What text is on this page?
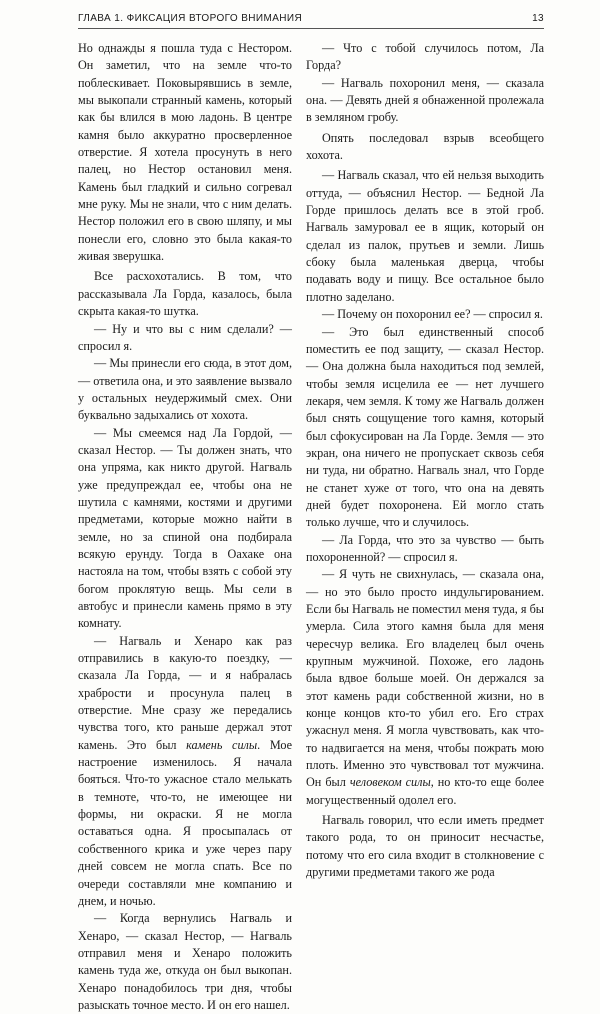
ГЛАВА 1. ФИКСАЦИЯ ВТОРОГО ВНИМАНИЯ	13

Но однажды я пошла туда с Нестором. Он заметил, что на земле что-то поблескивает. Поковырявшись в земле, мы выкопали странный камень, который как бы влился в мою ладонь. В центре камня было аккуратно просверленное отверстие. Я хотела просунуть в него палец, но Нестор остановил меня. Камень был гладкий и сильно согревал мне руку. Мы не знали, что с ним делать. Нестор положил его в свою шляпу, и мы понесли его, словно это была какая-то живая зверушка.

Все расхохотались. В том, что рассказывала Ла Горда, казалось, была скрыта какая-то шутка.

— Ну и что вы с ним сделали? — спросил я.

— Мы принесли его сюда, в этот дом, — ответила она, и это заявление вызвало у остальных неудержимый смех. Они буквально задыхались от хохота.

— Мы смеемся над Ла Гордой, — сказал Нестор. — Ты должен знать, что она упряма, как никто другой. Нагваль уже предупреждал ее, чтобы она не шутила с камнями, костями и другими предметами, которые можно найти в земле, но за спиной она подбирала всякую ерунду. Тогда в Оахаке она настояла на том, чтобы взять с собой эту богом проклятую вещь. Мы сели в автобус и принесли камень прямо в эту комнату.

— Нагваль и Хенаро как раз отправились в какую-то поездку, — сказала Ла Горда, — и я набралась храбрости и просунула палец в отверстие. Мне сразу же передались чувства того, кто раньше держал этот камень. Это был камень силы. Мое настроение изменилось. Я начала бояться. Что-то ужасное стало мелькать в темноте, что-то, не имеющее ни формы, ни окраски. Я не могла оставаться одна. Я просыпалась от собственного крика и уже через пару дней совсем не могла спать. Все по очереди составляли мне компанию и днем, и ночью.

— Когда вернулись Нагваль и Хенаро, — сказал Нестор, — Нагваль отправил меня и Хенаро положить камень туда же, откуда он был выкопан. Хенаро понадобилось три дня, чтобы разыскать точное место. И он его нашел.

— Что с тобой случилось потом, Ла Горда?

— Нагваль похоронил меня, — сказала она. — Девять дней я обнаженной пролежала в земляном гробу.

Опять последовал взрыв всеобщего хохота.

— Нагваль сказал, что ей нельзя выходить оттуда, — объяснил Нестор. — Бедной Ла Горде пришлось делать все в этой гроб. Нагваль замуровал ее в ящик, который он сделал из палок, прутьев и земли. Лишь сбоку была маленькая дверца, чтобы подавать воду и пищу. Все остальное было плотно заделано.

— Почему он похоронил ее? — спросил я.

— Это был единственный способ поместить ее под защиту, — сказал Нестор. — Она должна была находиться под землей, чтобы земля исцелила ее — нет лучшего лекаря, чем земля. К тому же Нагваль должен был снять сощущение того камня, который был сфокусирован на Ла Горде. Земля — это экран, она ничего не пропускает сквозь себя ни туда, ни обратно. Нагваль знал, что Горде не станет хуже от того, что она на девять дней будет похоронена. Ей могло стать только лучше, что и случилось.

— Ла Горда, что это за чувство — быть похороненной? — спросил я.

— Я чуть не свихнулась, — сказала она, — но это было просто индульгированием. Если бы Нагваль не поместил меня туда, я бы умерла. Сила этого камня была для меня чересчур велика. Его владелец был очень крупным мужчиной. Похоже, его ладонь была вдвое больше моей. Он держался за этот камень ради собственной жизни, но в конце концов кто-то убил его. Его страх ужаснул меня. Я могла чувствовать, как что-то надвигается на меня, чтобы пожрать мою плоть. Именно это чувствовал тот мужчина. Он был человеком силы, но кто-то еще более могущественный одолел его.

Нагваль говорил, что если иметь предмет такого рода, то он приносит несчастье, потому что его сила входит в столкновение с другими предметами такого же рода
